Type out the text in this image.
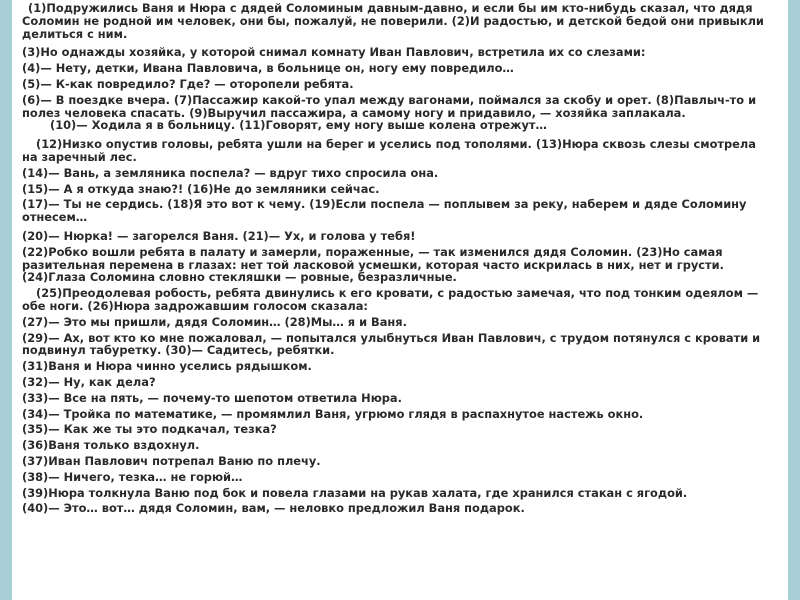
(1)Подружились Ваня и Нюра с дядей Соломиным давным-давно, и если бы им кто-нибудь сказал, что дядя Соломин не родной им человек, они бы, пожалуй, не поверили. (2)И радостью, и детской бедой они привыкли делиться с ним.

(3)Но однажды хозяйка, у которой снимал комнату Иван Павлович, встретила их со слезами:

(4)— Нету, детки, Ивана Павловича, в больнице он, ногу ему повредило…

(5)— К-как повредило? Где? — оторопели ребята.

(6)— В поездке вчера. (7)Пассажир какой-то упал между вагонами, поймался за скобу и орет. (8)Павлыч-то и полез человека спасать. (9)Выручил пассажира, а самому ногу и придавило, — хозяйка заплакала.

(10)— Ходила я в больницу. (11)Говорят, ему ногу выше колена отрежут…

(12)Низко опустив головы, ребята ушли на берег и уселись под тополями. (13)Нюра сквозь слезы смотрела на заречный лес.

(14)— Вань, а земляника поспела? — вдруг тихо спросила она.

(15)— А я откуда знаю?! (16)Не до земляники сейчас.

(17)— Ты не сердись. (18)Я это вот к чему. (19)Если поспела — поплывем за реку, наберем и дяде Соломину отнесем…

(20)— Нюрка! — загорелся Ваня. (21)— Ух, и голова у тебя!

(22)Робко вошли ребята в палату и замерли, пораженные, — так изменился дядя Соломин. (23)Но самая разительная перемена в глазах: нет той ласковой усмешки, которая часто искрилась в них, нет и грусти. (24)Глаза Соломина словно стекляшки — ровные, безразличные.

(25)Преодолевая робость, ребята двинулись к его кровати, с радостью замечая, что под тонким одеялом — обе ноги. (26)Нюра задрожавшим голосом сказала:

(27)— Это мы пришли, дядя Соломин… (28)Мы… я и Ваня.

(29)— Ах, вот кто ко мне пожаловал, — попытался улыбнуться Иван Павлович, с трудом потянулся с кровати и подвинул табуретку. (30)— Садитесь, ребятки.

(31)Ваня и Нюра чинно уселись рядышком.

(32)— Ну, как дела?

(33)— Все на пять, — почему-то шепотом ответила Нюра.

(34)— Тройка по математике, — промямлил Ваня, угрюмо глядя в распахнутое настежь окно.

(35)— Как же ты это подкачал, тезка?

(36)Ваня только вздохнул.

(37)Иван Павлович потрепал Ваню по плечу.

(38)— Ничего, тезка… не горюй…

(39)Нюра толкнула Ваню под бок и повела глазами на рукав халата, где хранился стакан с ягодой.

(40)— Это… вот… дядя Соломин, вам, — неловко предложил Ваня подарок.
